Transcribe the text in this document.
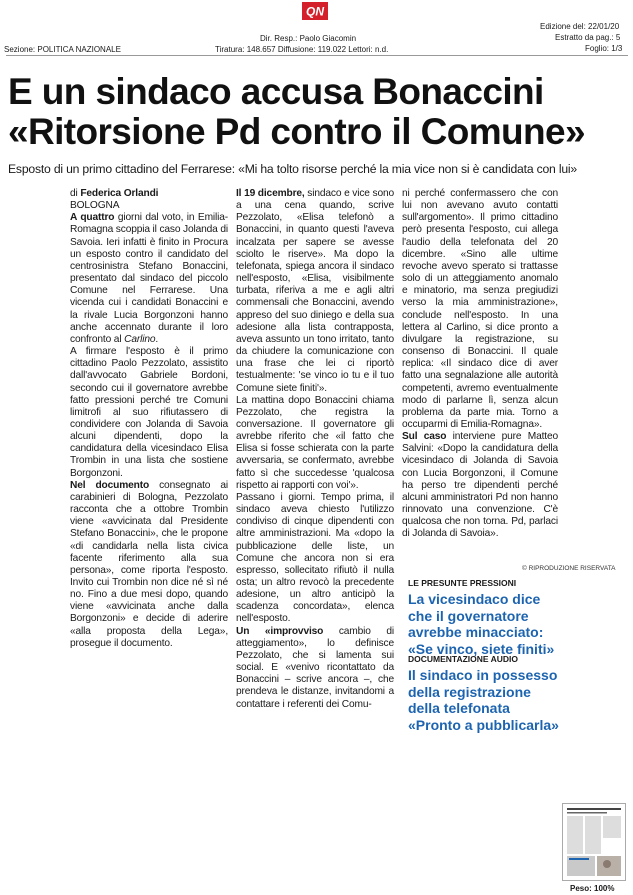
Sezione: POLITICA NAZIONALE
QN
Dir. Resp.: Paolo Giacomin
Tiratura: 148.657 Diffusione: 119.022 Lettori: n.d.
Edizione del: 22/01/20
Estratto da pag.: 5
Foglio: 1/3
E un sindaco accusa Bonaccini
«Ritorsione Pd contro il Comune»
Esposto di un primo cittadino del Ferrarese: «Mi ha tolto risorse perché la mia vice non si è candidata con lui»

di Federica Orlandi

BOLOGNA

A quattro giorni dal voto, in Emilia-Romagna scoppia il caso Jolanda di Savoia. Ieri infatti è finito in Procura un esposto contro il candidato del centrosinistra Stefano Bonaccini, presentato dal sindaco del piccolo Comune nel Ferrarese. Una vicenda cui i candidati Bonaccini e la rivale Lucia Borgonzoni hanno anche accennato durante il loro confronto al Carlino.

A firmare l'esposto è il primo cittadino Paolo Pezzolato, assistito dall'avvocato Gabriele Bordoni, secondo cui il governatore avrebbe fatto pressioni perché tre Comuni limitrofi al suo rifiutassero di condividere con Jolanda di Savoia alcuni dipendenti, dopo la candidatura della vicesindaco Elisa Trombin in una lista che sostiene Borgonzoni.

Nel documento consegnato ai carabinieri di Bologna, Pezzolato racconta che a ottobre Trombin viene «avvicinata dal Presidente Stefano Bonaccini», che le propone «di candidarla nella lista civica facente riferimento alla sua persona», come riporta l'esposto. Invito cui Trombin non dice né sì né no. Fino a due mesi dopo, quando viene «avvicinata anche dalla Borgonzoni» e decide di aderire «alla proposta della Lega», prosegue il documento.

Il 19 dicembre, sindaco e vice sono a una cena quando, scrive Pezzolato, «Elisa telefonò a Bonaccini, in quanto questi l'aveva incalzata per sapere se avesse sciolto le riserve». Ma dopo la telefonata, spiega ancora il sindaco nell'esposto, «Elisa, visibilmente turbata, riferiva a me e agli altri commensali che Bonaccini, avendo appreso del suo diniego e della sua adesione alla lista contrapposta, aveva assunto un tono irritato, tanto da chiudere la comunicazione con una frase che lei ci riportò testualmente: 'se vinco io tu e il tuo Comune siete finiti'».

La mattina dopo Bonaccini chiama Pezzolato, che registra la conversazione. Il governatore gli avrebbe riferito che «il fatto che Elisa si fosse schierata con la parte avversaria, se confermato, avrebbe fatto sì che succedesse 'qualcosa rispetto ai rapporti con voi'».

Passano i giorni. Tempo prima, il sindaco aveva chiesto l'utilizzo condiviso di cinque dipendenti con altre amministrazioni. Ma «dopo la pubblicazione delle liste, un Comune che ancora non si era espresso, sollecitato rifiutò il nulla osta; un altro revocò la precedente adesione, un altro anticipò la scadenza concordata», elenca nell'esposto.

Un «improvviso cambio di atteggiamento», lo definisce Pezzolato, che si lamenta sui social. E «venivo ricontattato da Bonaccini – scrive ancora –, che prendeva le distanze, invitandomi a contattare i referenti dei Comu-

ni perché confermassero che con lui non avevano avuto contatti sull'argomento». Il primo cittadino però presenta l'esposto, cui allega l'audio della telefonata del 20 dicembre. «Sino alle ultime revoche avevo sperato si trattasse solo di un atteggiamento anomalo e minatorio, ma senza pregiudizi verso la mia amministrazione», conclude nell'esposto. In una lettera al Carlino, si dice pronto a divulgare la registrazione, su consenso di Bonaccini. Il quale replica: «Il sindaco dice di aver fatto una segnalazione alle autorità competenti, avremo eventualmente modo di parlarne lì, senza alcun problema da parte mia. Torno a occuparmi di Emilia-Romagna».

Sul caso interviene pure Matteo Salvini: «Dopo la candidatura della vicesindaco di Jolanda di Savoia con Lucia Borgonzoni, il Comune ha perso tre dipendenti perché alcuni amministratori Pd non hanno rinnovato una convenzione. C'è qualcosa che non torna. Pd, parlaci di Jolanda di Savoia».

© RIPRODUZIONE RISERVATA
LE PRESUNTE PRESSIONI
La vicesindaco dice
che il governatore
avrebbe minacciato:
«Se vinco, siete finiti»
DOCUMENTAZIONE AUDIO
Il sindaco in possesso
della registrazione
della telefonata
«Pronto a pubblicarla»
Peso: 100%
